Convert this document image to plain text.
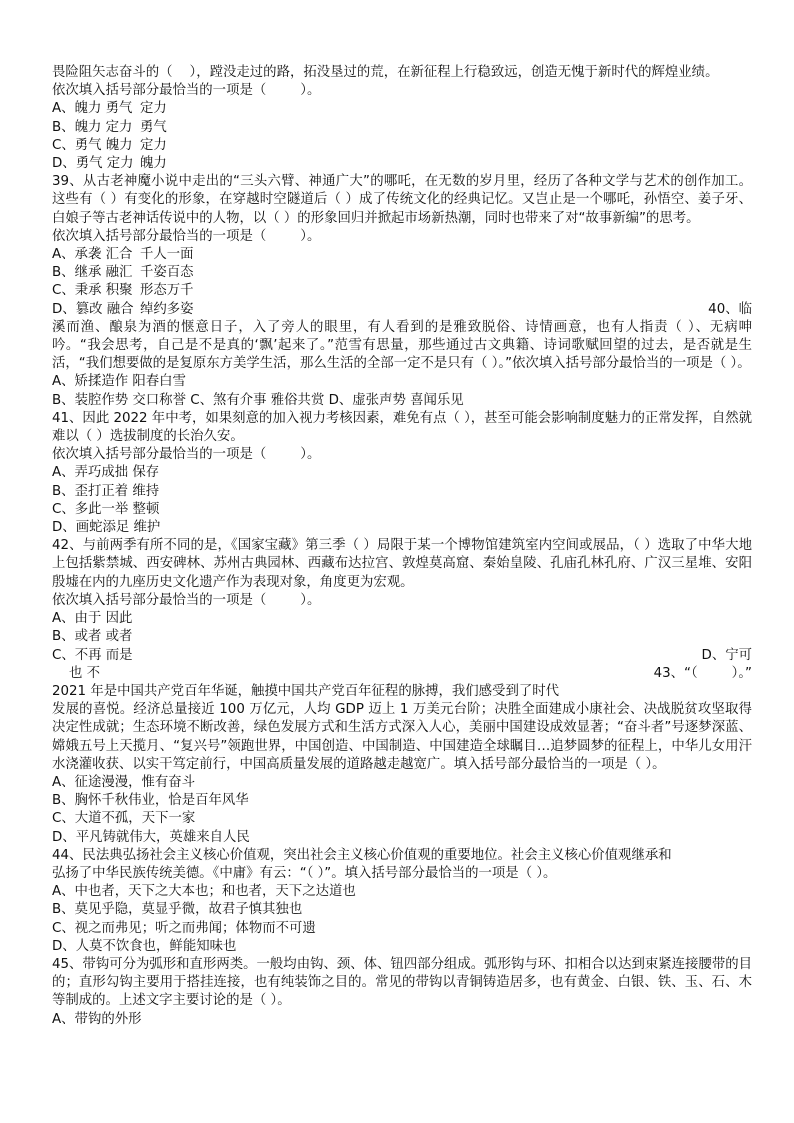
畏险阻矢志奋斗的（    ），蹚没走过的路，拓没垦过的荒，在新征程上行稳致远，创造无愧于新时代的辉煌业绩。

依次填入括号部分最恰当的一项是（        ）。

A、魄力 勇气 定力

B、魄力 定力 勇气

C、勇气 魄力 定力

D、勇气 定力 魄力

39、从古老神魔小说中走出的“三头六臂、神通广大”的哪吒，在无数的岁月里，经历了各种文学与艺术的创作加工。这些有（ ）有变化的形象，在穿越时空隧道后（ ）成了传统文化的经典记忆。又岂止是一个哪吒，孙悟空、姜子牙、白娘子等古老神话传说中的人物，以（ ）的形象回归并掀起市场新热潮，同时也带来了对“故事新编”的思考。

依次填入括号部分最恰当的一项是（        ）。

A、承袭 汇合 千人一面

B、继承 融汇 千姿百态

C、秉承 积聚 形态万千

D、篡改 融合 绰约多姿	40、临

溪而渔、酿泉为酒的惬意日子，入了旁人的眼里，有人看到的是雅致脱俗、诗情画意，也有人指责（ ）、无病呻吟。“我会思考，自己是不是真的‘飘’起来了。”范雪有思量，那些通过古文典籍、诗词歌赋回望的过去，是否就是生活，“我们想要做的是复原东方美学生活，那么生活的全部一定不是只有（ ）。”依次填入括号部分最恰当的一项是（ ）。

A、矫揉造作 阳春白雪

B、装腔作势 交口称誉 C、煞有介事 雅俗共赏 D、虚张声势 喜闻乐见

41、因此 2022 年中考，如果刻意的加入视力考核因素，难免有点（ ），甚至可能会影响制度魅力的正常发挥，自然就难以（ ）选拔制度的长治久安。

依次填入括号部分最恰当的一项是（        ）。

A、弄巧成拙 保存

B、歪打正着 维持

C、多此一举 整顿

D、画蛇添足 维护

42、与前两季有所不同的是，《国家宝藏》第三季（ ）局限于某一个博物馆建筑室内空间或展品，（ ）选取了中华大地上包括紫禁城、西安碑林、苏州古典园林、西藏布达拉宫、敦煌莫高窟、秦始皇陵、孔庙孔林孔府、广汉三星堆、安阳殷墟在内的九座历史文化遗产作为表现对象，角度更为宏观。

依次填入括号部分最恰当的一项是（        ）。

A、由于 因此

B、或者 或者

C、不再 而是	D、宁可
也 不	43、“（        ）。”

2021 年是中国共产党百年华诞，触摸中国共产党百年征程的脉搏，我们感受到了时代

发展的喜悦。经济总量接近 100 万亿元，人均 GDP 迈上 1 万美元台阶；决胜全面建成小康社会、决战脱贫攻坚取得决定性成就；生态环境不断改善，绿色发展方式和生活方式深入人心，美丽中国建设成效显著；“奋斗者”号逐梦深蓝、嫦娥五号上天揽月、“复兴号”领跑世界，中国创造、中国制造、中国建造全球瞩目…追梦圆梦的征程上，中华儿女用汗水浇灌收获、以实干笃定前行，中国高质量发展的道路越走越宽广。填入括号部分最恰当的一项是（ ）。

A、征途漫漫，惟有奋斗

B、胸怀千秋伟业，恰是百年风华

C、大道不孤，天下一家

D、平凡铸就伟大，英雄来自人民

44、民法典弘扬社会主义核心价值观，突出社会主义核心价值观的重要地位。社会主义核心价值观继承和

弘扬了中华民族传统美德。《中庸》有云：“（ ）”。填入括号部分最恰当的一项是（ ）。

A、中也者，天下之大本也；和也者，天下之达道也

B、莫见乎隐，莫显乎微，故君子慎其独也

C、视之而弗见；听之而弗闻；体物而不可遗

D、人莫不饮食也，鲜能知味也

45、带钩可分为弧形和直形两类。一般均由钩、颈、体、钮四部分组成。弧形钩与环、扣相合以达到束紧连接腰带的目的；直形勾钩主要用于搭挂连接，也有纯装饰之目的。常见的带钩以青铜铸造居多，也有黄金、白银、铁、玉、石、木等制成的。上述文字主要讨论的是（ ）。

A、带钩的外形
